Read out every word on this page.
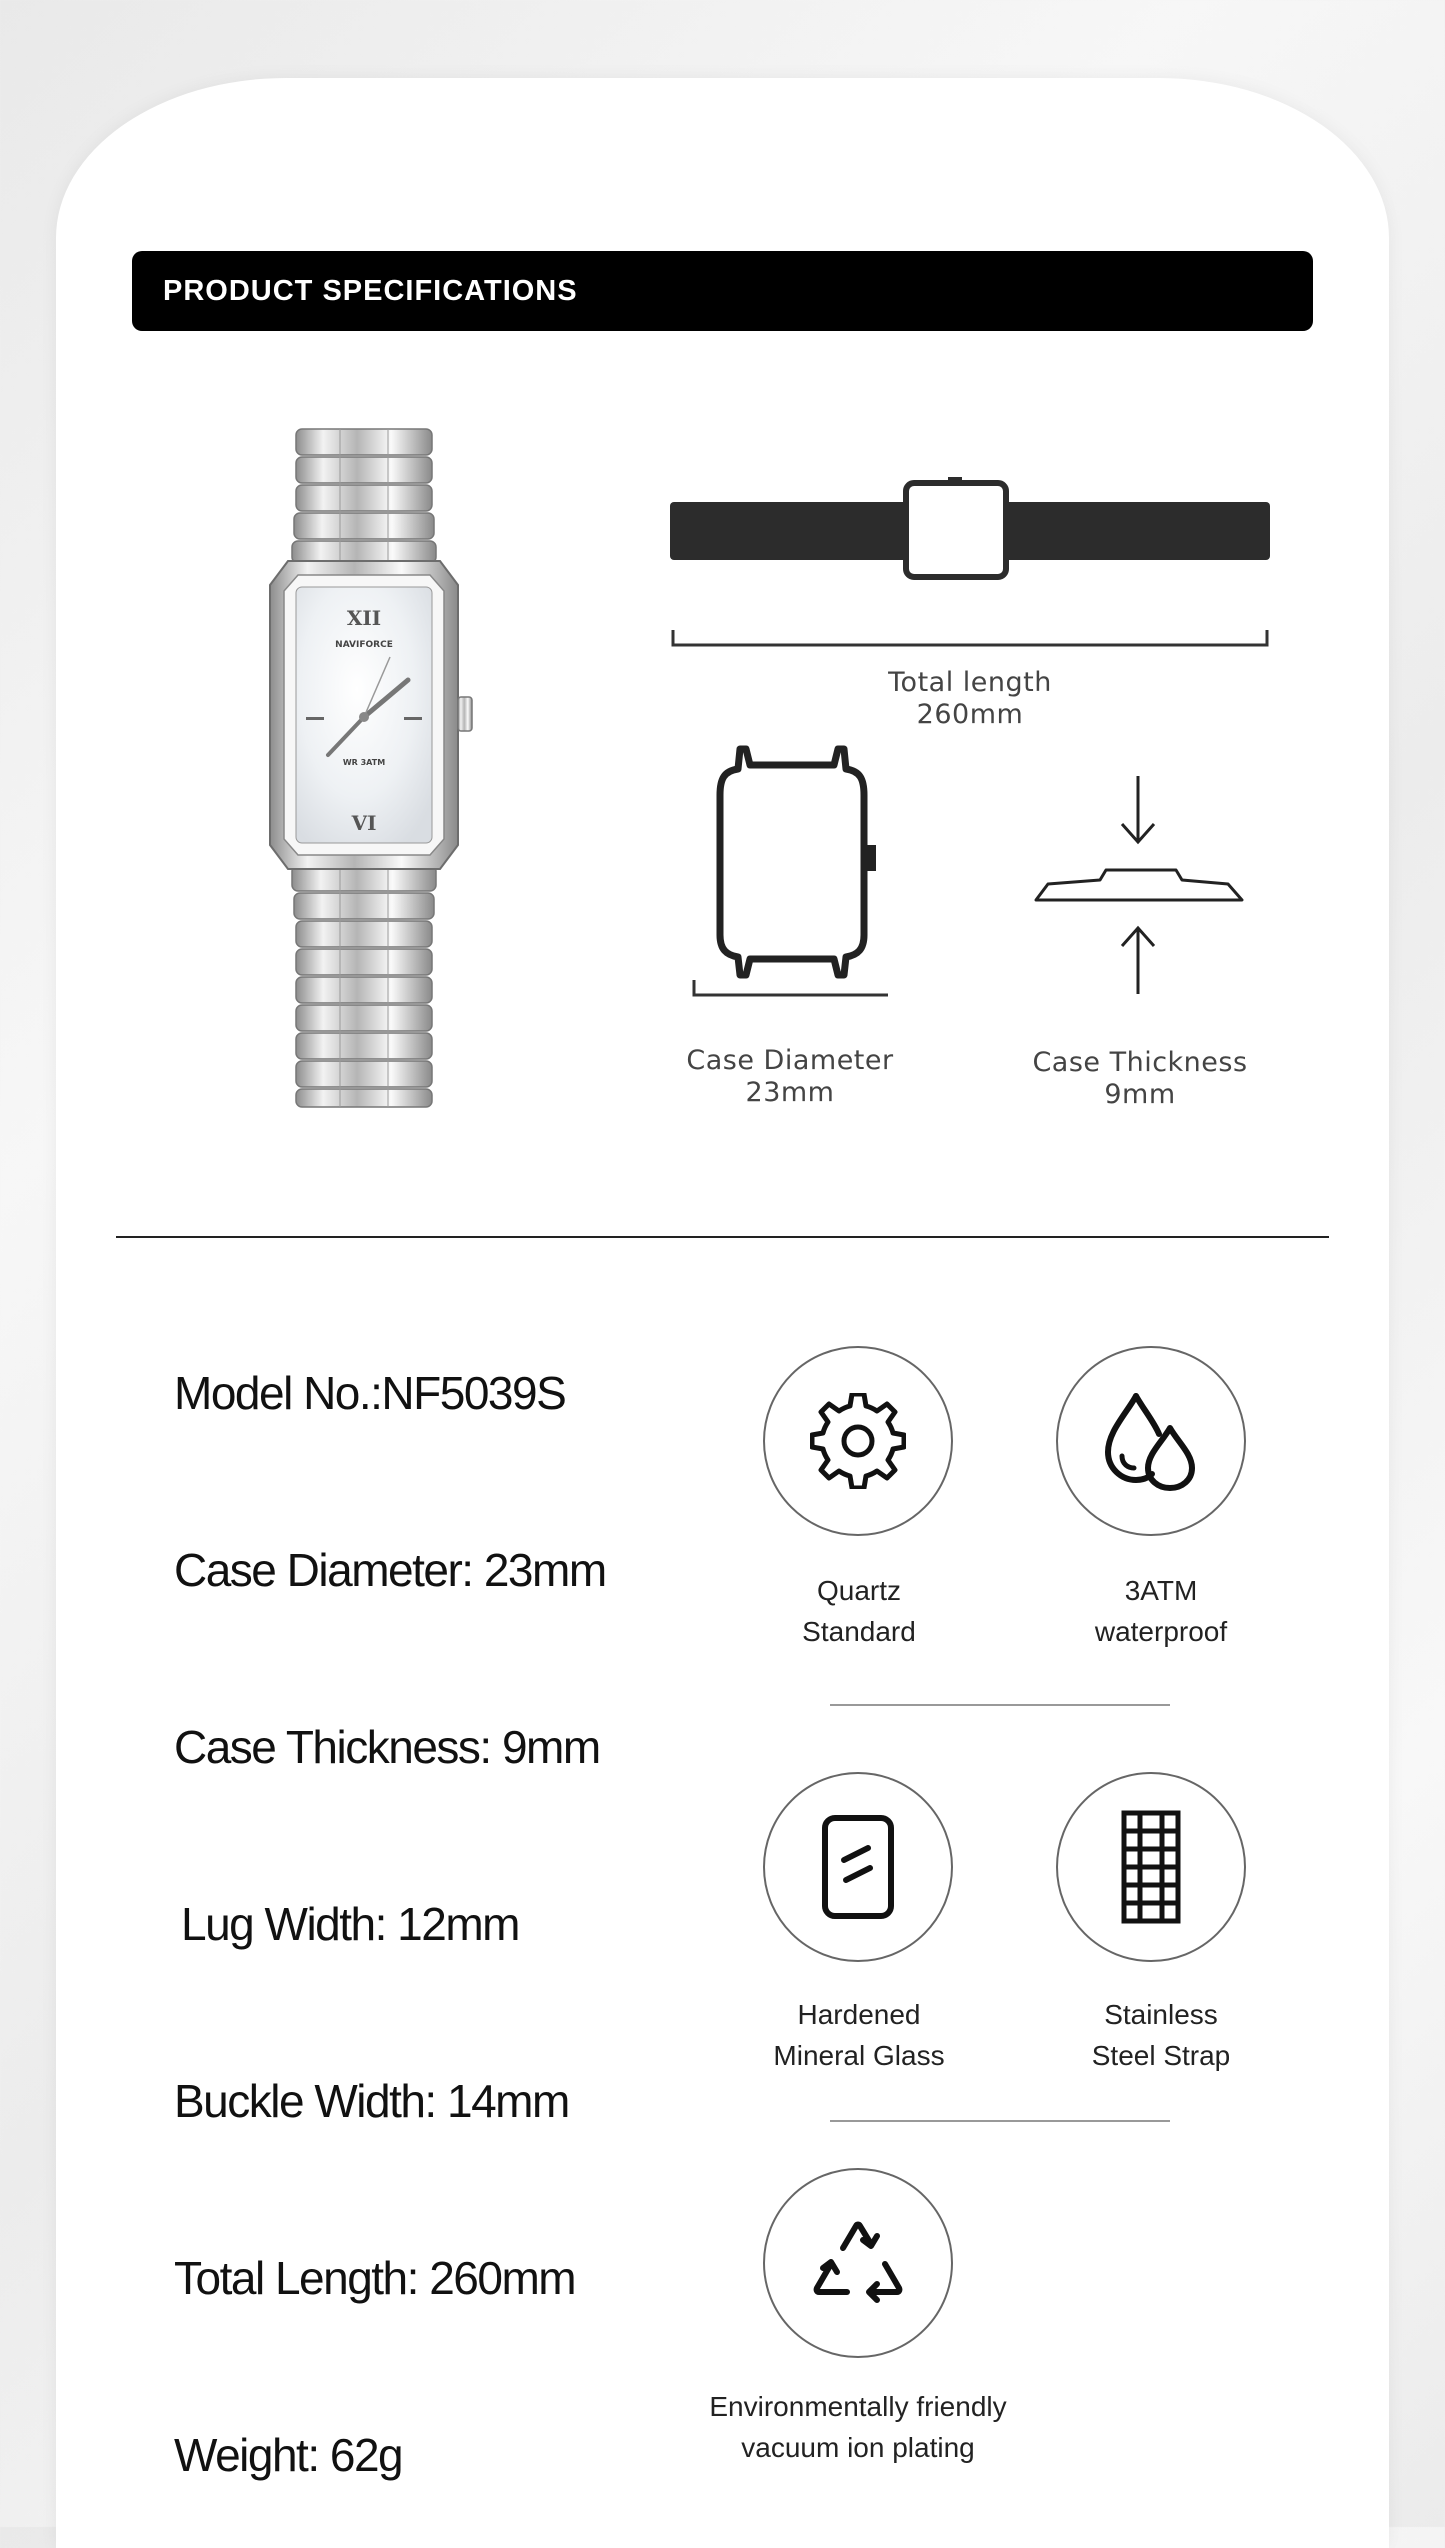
PRODUCT SPECIFICATIONS
XII
VI
NAVIFORCE
WR 3ATM
Total length
260mm
Case Diameter
23mm
Case Thickness
9mm
Model No.:NF5039S
Case Diameter: 23mm
Case Thickness: 9mm
Lug Width: 12mm
Buckle Width: 14mm
Total Length: 260mm
Weight: 62g
Quartz
Standard
3ATM
waterproof
Hardened
Mineral Glass
Stainless
Steel Strap
Environmentally friendly
vacuum ion plating
